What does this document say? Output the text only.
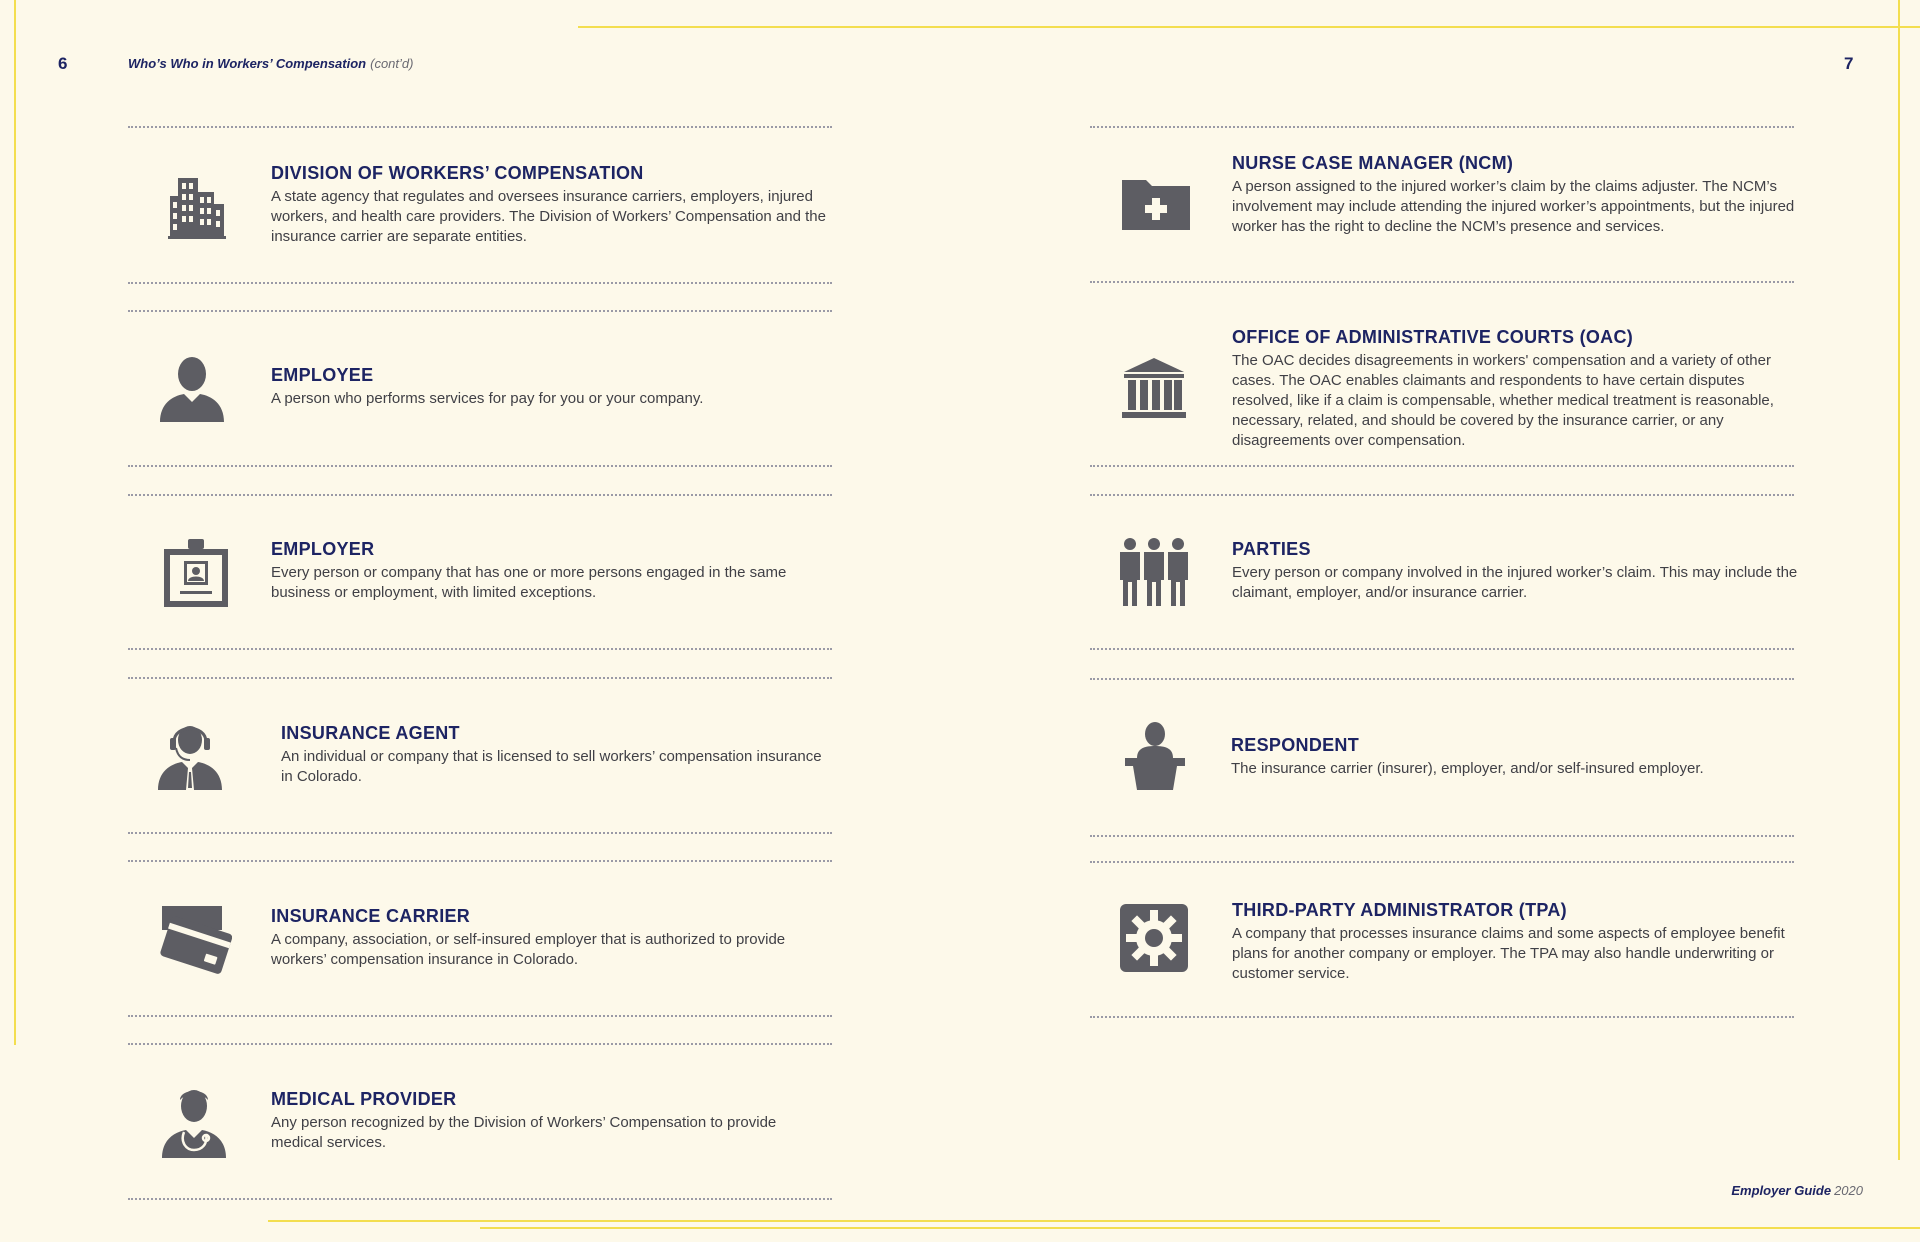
6	7
Who’s Who in Workers’ Compensation (cont’d)
Employer Guide 2020
DIVISION OF WORKERS’ COMPENSATION

A state agency that regulates and oversees insurance carriers, employers, injured workers, and health care providers. The Division of Workers’ Compensation and the insurance carrier are separate entities.

EMPLOYEE

A person who performs services for pay for you or your company.

EMPLOYER

Every person or company that has one or more persons engaged in the same business or employment, with limited exceptions.

INSURANCE AGENT

An individual or company that is licensed to sell workers’ compensation insurance in Colorado.

INSURANCE CARRIER

A company, association, or self-insured employer that is authorized to provide workers’ compensation insurance in Colorado.

MEDICAL PROVIDER

Any person recognized by the Division of Workers’ Compensation to provide medical services.

NURSE CASE MANAGER (NCM)

A person assigned to the injured worker’s claim by the claims adjuster. The NCM’s involvement may include attending the injured worker’s appointments, but the injured worker has the right to decline the NCM’s presence and services.

OFFICE OF ADMINISTRATIVE COURTS (OAC)

The OAC decides disagreements in workers' compensation and a variety of other cases. The OAC enables claimants and respondents to have certain disputes resolved, like if a claim is compensable, whether medical treatment is reasonable, necessary, related, and should be covered by the insurance carrier, or any disagreements over compensation.

PARTIES

Every person or company involved in the injured worker’s claim. This may include the claimant, employer, and/or insurance carrier.

RESPONDENT

The insurance carrier (insurer), employer, and/or self-insured employer.

THIRD-PARTY ADMINISTRATOR (TPA)

A company that processes insurance claims and some aspects of employee benefit plans for another company or employer. The TPA may also handle underwriting or customer service.
